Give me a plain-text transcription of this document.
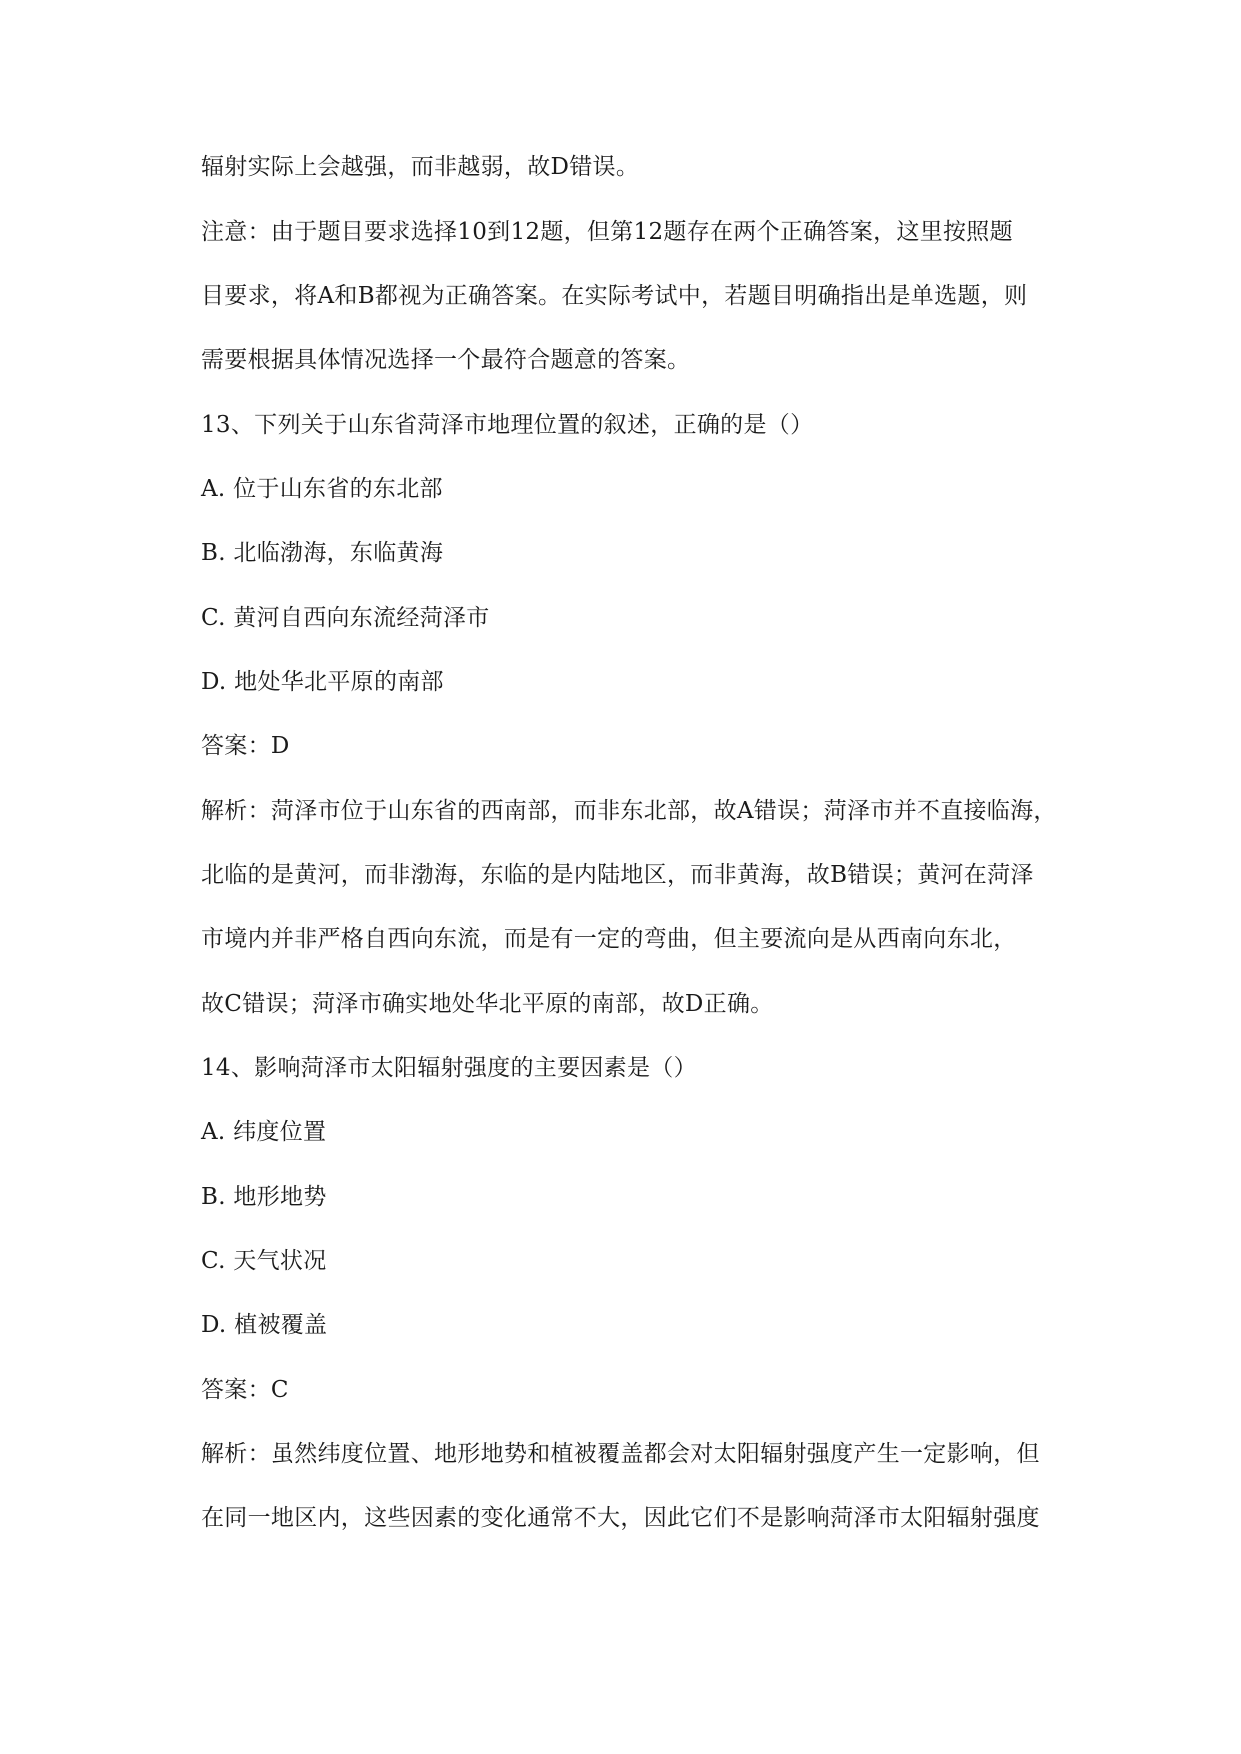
辐射实际上会越强，而非越弱，故D错误。
注意：由于题目要求选择10到12题，但第12题存在两个正确答案，这里按照题
目要求，将A和B都视为正确答案。在实际考试中，若题目明确指出是单选题，则
需要根据具体情况选择一个最符合题意的答案。
13、下列关于山东省菏泽市地理位置的叙述，正确的是（）
A. 位于山东省的东北部
B. 北临渤海，东临黄海
C. 黄河自西向东流经菏泽市
D. 地处华北平原的南部
答案：D
解析：菏泽市位于山东省的西南部，而非东北部，故A错误；菏泽市并不直接临海，
北临的是黄河，而非渤海，东临的是内陆地区，而非黄海，故B错误；黄河在菏泽
市境内并非严格自西向东流，而是有一定的弯曲，但主要流向是从西南向东北，
故C错误；菏泽市确实地处华北平原的南部，故D正确。
14、影响菏泽市太阳辐射强度的主要因素是（）
A. 纬度位置
B. 地形地势
C. 天气状况
D. 植被覆盖
答案：C
解析：虽然纬度位置、地形地势和植被覆盖都会对太阳辐射强度产生一定影响，但
在同一地区内，这些因素的变化通常不大，因此它们不是影响菏泽市太阳辐射强度
